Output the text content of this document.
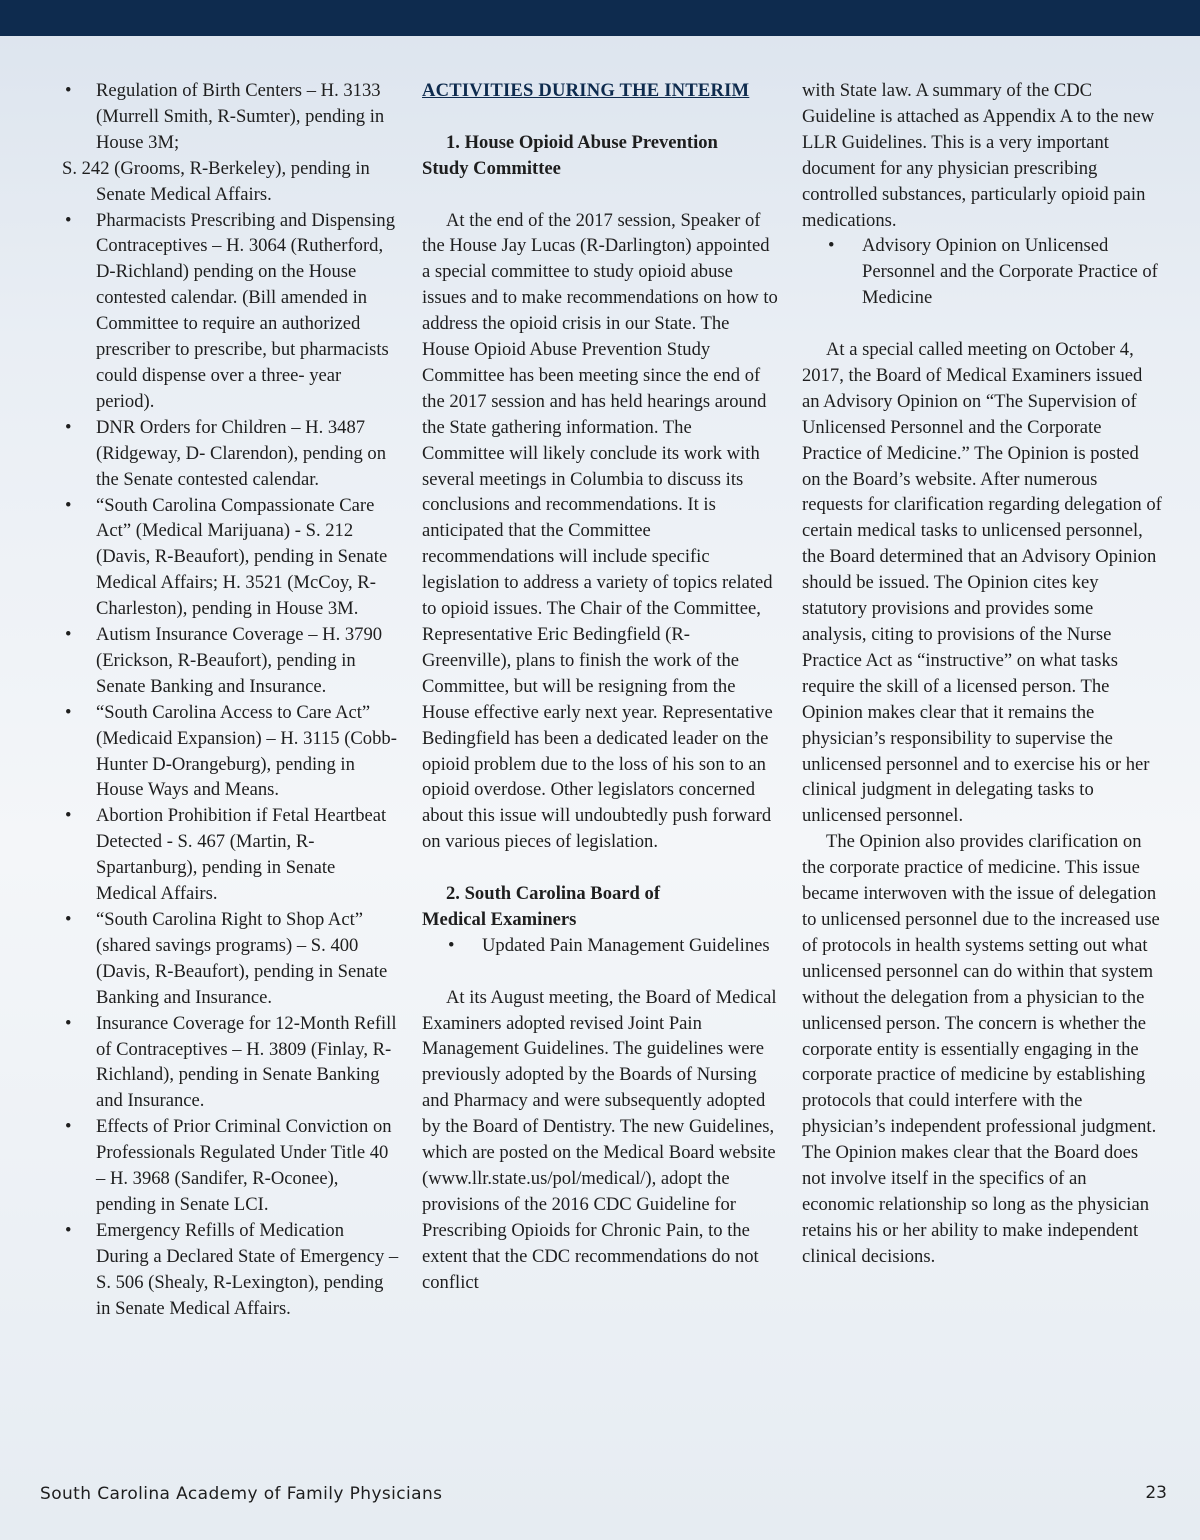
• Regulation of Birth Centers – H. 3133 (Murrell Smith, R-Sumter), pending in House 3M;

S. 242 (Grooms, R-Berkeley), pending in Senate Medical Affairs.

• Pharmacists Prescribing and Dispensing Contraceptives – H. 3064 (Rutherford, D-Richland) pending on the House contested calendar. (Bill amended in Committee to require an authorized prescriber to prescribe, but pharmacists could dispense over a three- year period).

• DNR Orders for Children – H. 3487 (Ridgeway, D- Clarendon), pending on the Senate contested calendar.

• “South Carolina Compassionate Care Act” (Medical Marijuana) - S. 212 (Davis, R-Beaufort), pending in Senate Medical Affairs; H. 3521 (McCoy, R-Charleston), pending in House 3M.

• Autism Insurance Coverage – H. 3790 (Erickson, R-Beaufort), pending in Senate Banking and Insurance.

• “South Carolina Access to Care Act” (Medicaid Expansion) – H. 3115 (Cobb-Hunter D-Orangeburg), pending in House Ways and Means.

• Abortion Prohibition if Fetal Heartbeat Detected - S. 467 (Martin, R-Spartanburg), pending in Senate Medical Affairs.

• “South Carolina Right to Shop Act” (shared savings programs) – S. 400 (Davis, R-Beaufort), pending in Senate Banking and Insurance.

• Insurance Coverage for 12-Month Refill of Contraceptives – H. 3809 (Finlay, R-Richland), pending in Senate Banking and Insurance.

• Effects of Prior Criminal Conviction on Professionals Regulated Under Title 40 – H. 3968 (Sandifer, R-Oconee), pending in Senate LCI.

• Emergency Refills of Medication During a Declared State of Emergency – S. 506 (Shealy, R-Lexington), pending in Senate Medical Affairs.

ACTIVITIES DURING THE INTERIM

1. House Opioid Abuse Prevention
Study Committee

At the end of the 2017 session, Speaker of the House Jay Lucas (R-Darlington) appointed a special committee to study opioid abuse issues and to make recommendations on how to address the opioid crisis in our State. The House Opioid Abuse Prevention Study Committee has been meeting since the end of the 2017 session and has held hearings around the State gathering information. The Committee will likely conclude its work with several meetings in Columbia to discuss its conclusions and recommendations. It is anticipated that the Committee recommendations will include specific legislation to address a variety of topics related to opioid issues. The Chair of the Committee, Representative Eric Bedingfield (R-Greenville), plans to finish the work of the Committee, but will be resigning from the House effective early next year. Representative Bedingfield has been a dedicated leader on the opioid problem due to the loss of his son to an opioid overdose. Other legislators concerned about this issue will undoubtedly push forward on various pieces of legislation.

2. South Carolina Board of
Medical Examiners

• Updated Pain Management Guidelines

At its August meeting, the Board of Medical Examiners adopted revised Joint Pain Management Guidelines. The guidelines were previously adopted by the Boards of Nursing and Pharmacy and were subsequently adopted by the Board of Dentistry. The new Guidelines, which are posted on the Medical Board website (www.llr.state.us/pol/medical/), adopt the provisions of the 2016 CDC Guideline for Prescribing Opioids for Chronic Pain, to the extent that the CDC recommendations do not conflict

with State law. A summary of the CDC Guideline is attached as Appendix A to the new LLR Guidelines. This is a very important document for any physician prescribing controlled substances, particularly opioid pain medications.

• Advisory Opinion on Unlicensed Personnel and the Corporate Practice of Medicine

At a special called meeting on October 4, 2017, the Board of Medical Examiners issued an Advisory Opinion on “The Supervision of Unlicensed Personnel and the Corporate Practice of Medicine.” The Opinion is posted on the Board’s website. After numerous requests for clarification regarding delegation of certain medical tasks to unlicensed personnel, the Board determined that an Advisory Opinion should be issued. The Opinion cites key statutory provisions and provides some analysis, citing to provisions of the Nurse Practice Act as “instructive” on what tasks require the skill of a licensed person. The Opinion makes clear that it remains the physician’s responsibility to supervise the unlicensed personnel and to exercise his or her clinical judgment in delegating tasks to unlicensed personnel.

The Opinion also provides clarification on the corporate practice of medicine. This issue became interwoven with the issue of delegation to unlicensed personnel due to the increased use of protocols in health systems setting out what unlicensed personnel can do within that system without the delegation from a physician to the unlicensed person. The concern is whether the corporate entity is essentially engaging in the corporate practice of medicine by establishing protocols that could interfere with the physician’s independent professional judgment. The Opinion makes clear that the Board does not involve itself in the specifics of an economic relationship so long as the physician retains his or her ability to make independent clinical decisions.

South Carolina Academy of Family Physicians	23
